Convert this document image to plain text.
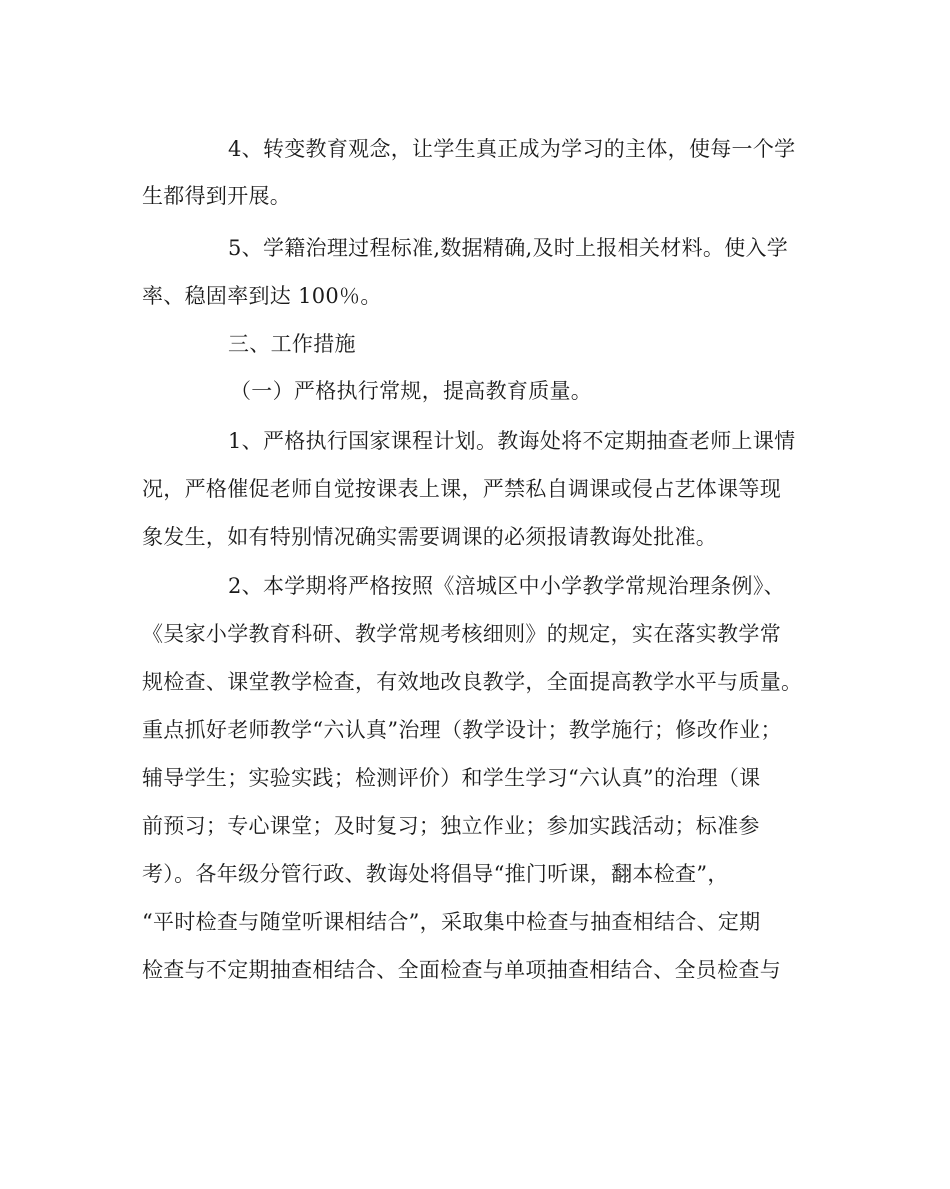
4、转变教育观念，让学生真正成为学习的主体，使每一个学
生都得到开展。
5、学籍治理过程标准,数据精确,及时上报相关材料。使入学
率、稳固率到达 100％。
三、工作措施
（一）严格执行常规，提高教育质量。
1、严格执行国家课程计划。教诲处将不定期抽查老师上课情
况，严格催促老师自觉按课表上课，严禁私自调课或侵占艺体课等现
象发生，如有特别情况确实需要调课的必须报请教诲处批准。
2、本学期将严格按照《涪城区中小学教学常规治理条例》、
《吴家小学教育科研、教学常规考核细则》的规定，实在落实教学常
规检查、课堂教学检查，有效地改良教学，全面提高教学水平与质量。
重点抓好老师教学“六认真”治理（教学设计；教学施行；修改作业；
辅导学生；实验实践；检测评价）和学生学习“六认真”的治理（课
前预习；专心课堂；及时复习；独立作业；参加实践活动；标准参
考）。各年级分管行政、教诲处将倡导“推门听课，翻本检查”，
“平时检查与随堂听课相结合”，采取集中检查与抽查相结合、定期
检查与不定期抽查相结合、全面检查与单项抽查相结合、全员检查与
